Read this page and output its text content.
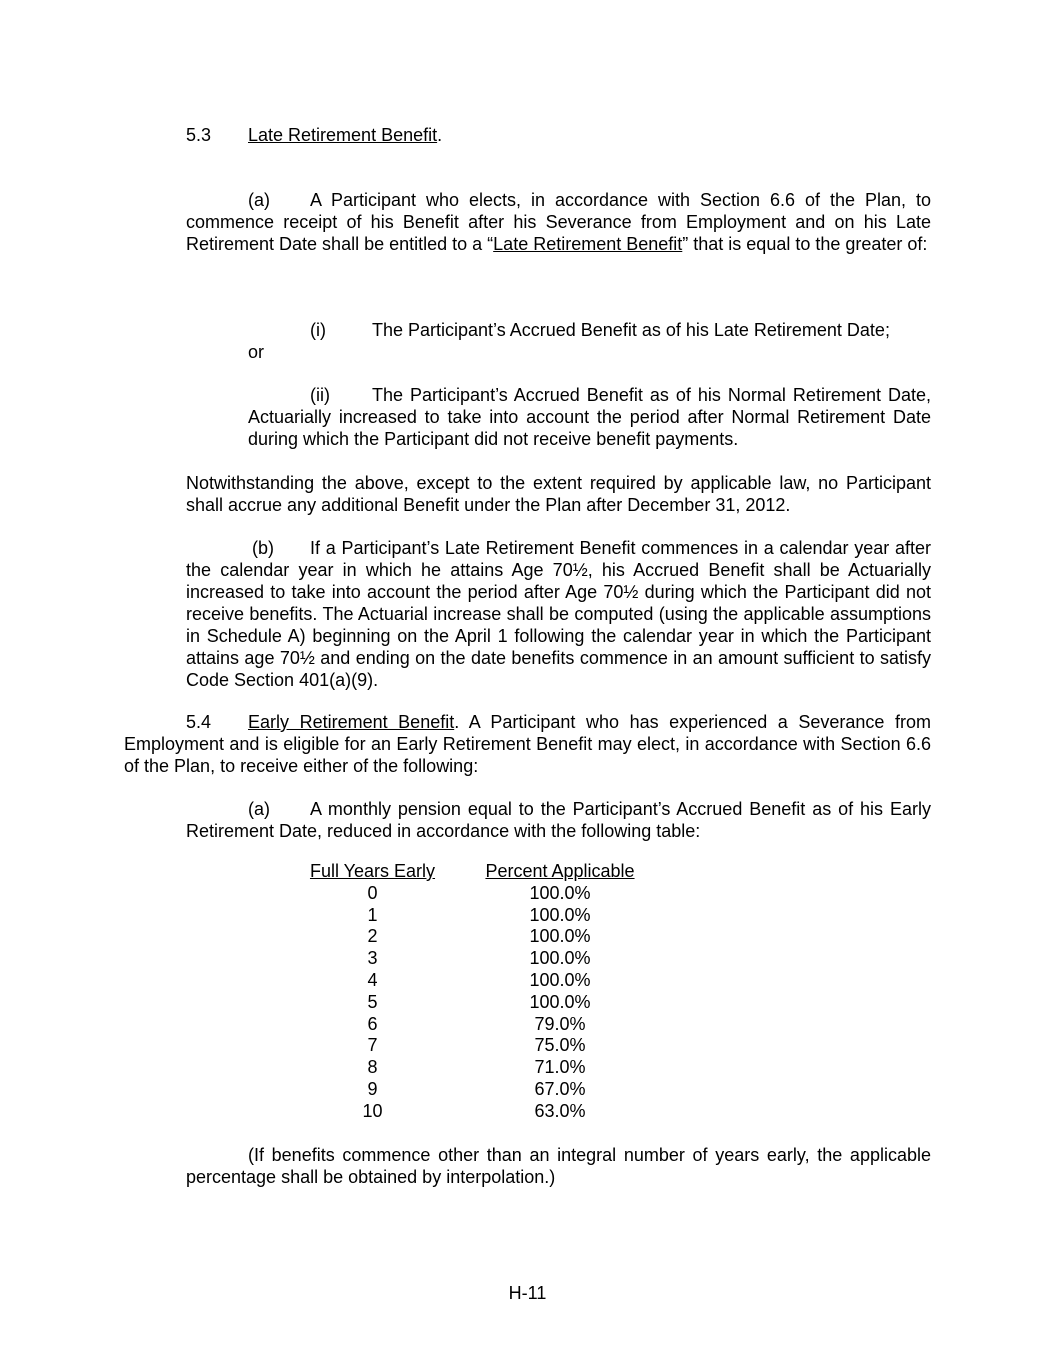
5.3 Late Retirement Benefit.

(a) A Participant who elects, in accordance with Section 6.6 of the Plan, to commence receipt of his Benefit after his Severance from Employment and on his Late Retirement Date shall be entitled to a “Late Retirement Benefit” that is equal to the greater of:

(i)	The Participant’s Accrued Benefit as of his Late Retirement Date;

or

(ii) The Participant’s Accrued Benefit as of his Normal Retirement Date, Actuarially increased to take into account the period after Normal Retirement Date during which the Participant did not receive benefit payments.

Notwithstanding the above, except to the extent required by applicable law, no Participant shall accrue any additional Benefit under the Plan after December 31, 2012.

(b) If a Participant’s Late Retirement Benefit commences in a calendar year after the calendar year in which he attains Age 70½, his Accrued Benefit shall be Actuarially increased to take into account the period after Age 70½ during which the Participant did not receive benefits. The Actuarial increase shall be computed (using the applicable assumptions in Schedule A) beginning on the April 1 following the calendar year in which the Participant attains age 70½ and ending on the date benefits commence in an amount sufficient to satisfy Code Section 401(a)(9).

5.4 Early Retirement Benefit. A Participant who has experienced a Severance from Employment and is eligible for an Early Retirement Benefit may elect, in accordance with Section 6.6 of the Plan, to receive either of the following:

(a) A monthly pension equal to the Participant’s Accrued Benefit as of his Early Retirement Date, reduced in accordance with the following table:

Full Years Early	Percent Applicable
0	100.0%
1	100.0%
2	100.0%
3	100.0%
4	100.0%
5	100.0%
6	79.0%
7	75.0%
8	71.0%
9	67.0%
10	63.0%

(If benefits commence other than an integral number of years early, the applicable percentage shall be obtained by interpolation.)

H-11
